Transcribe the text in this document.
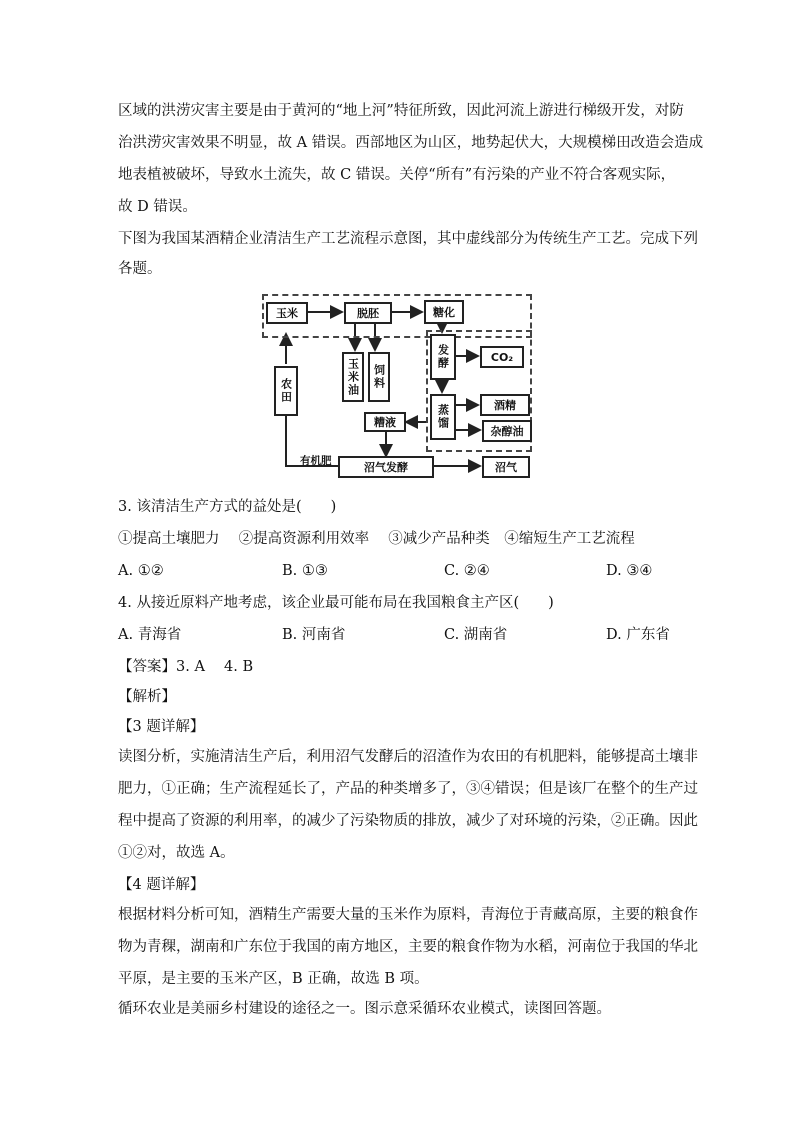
区域的洪涝灾害主要是由于黄河的“地上河”特征所致，因此河流上游进行梯级开发，对防
治洪涝灾害效果不明显，故 A 错误。西部地区为山区，地势起伏大，大规模梯田改造会造成
地表植被破坏，导致水土流失，故 C 错误。关停“所有”有污染的产业不符合客观实际，
故 D 错误。
下图为我国某酒精企业清洁生产工艺流程示意图，其中虚线部分为传统生产工艺。完成下列
各题。
玉米	脱胚	糖化
玉米油	饲料
发酵	CO₂
农田
蒸馏	酒精
杂醇油
糟液
有机肥	沼气发酵	沼气
3. 该清洁生产方式的益处是(　　)
①提高土壤肥力　 ②提高资源利用效率　 ③减少产品种类　④缩短生产工艺流程
A. ①②	B. ①③	C. ②④	D. ③④
4. 从接近原料产地考虑，该企业最可能布局在我国粮食主产区(　　)
A. 青海省	B. 河南省	C. 湖南省	D. 广东省
【答案】3. A　 4. B
【解析】
【3 题详解】
读图分析，实施清洁生产后，利用沼气发酵后的沼渣作为农田的有机肥料，能够提高土壤非
肥力，①正确；生产流程延长了，产品的种类增多了，③④错误；但是该厂在整个的生产过
程中提高了资源的利用率，的减少了污染物质的排放，减少了对环境的污染，②正确。因此
①②对，故选 A。
【4 题详解】
根据材料分析可知，酒精生产需要大量的玉米作为原料，青海位于青藏高原，主要的粮食作
物为青稞，湖南和广东位于我国的南方地区，主要的粮食作物为水稻，河南位于我国的华北
平原，是主要的玉米产区，B 正确，故选 B 项。
循环农业是美丽乡村建设的途径之一。图示意采循环农业模式，读图回答题。
